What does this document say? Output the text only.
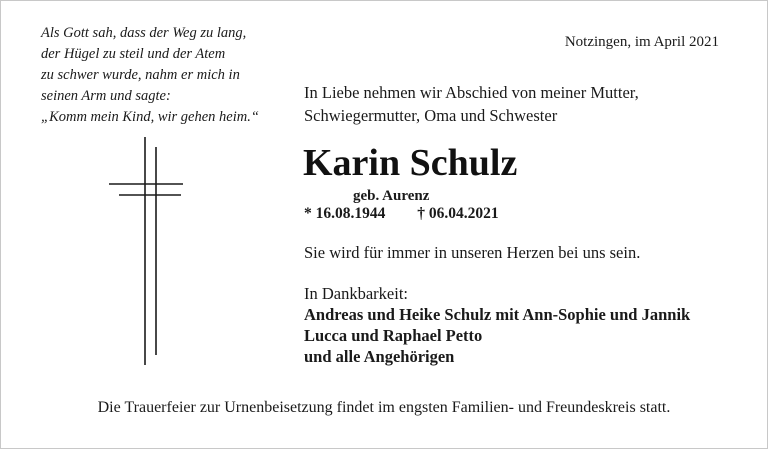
Als Gott sah, dass der Weg zu lang,
der Hügel zu steil und der Atem
zu schwer wurde, nahm er mich in
seinen Arm und sagte:
„Komm mein Kind, wir gehen heim.“
Notzingen, im April 2021
In Liebe nehmen wir Abschied von meiner Mutter,
Schwiegermutter, Oma und Schwester
Karin Schulz
geb. Aurenz
* 16.08.1944 † 06.04.2021
Sie wird für immer in unseren Herzen bei uns sein.
In Dankbarkeit:
Andreas und Heike Schulz mit Ann-Sophie und Jannik
Lucca und Raphael Petto
und alle Angehörigen
Die Trauerfeier zur Urnenbeisetzung findet im engsten Familien- und Freundeskreis statt.
